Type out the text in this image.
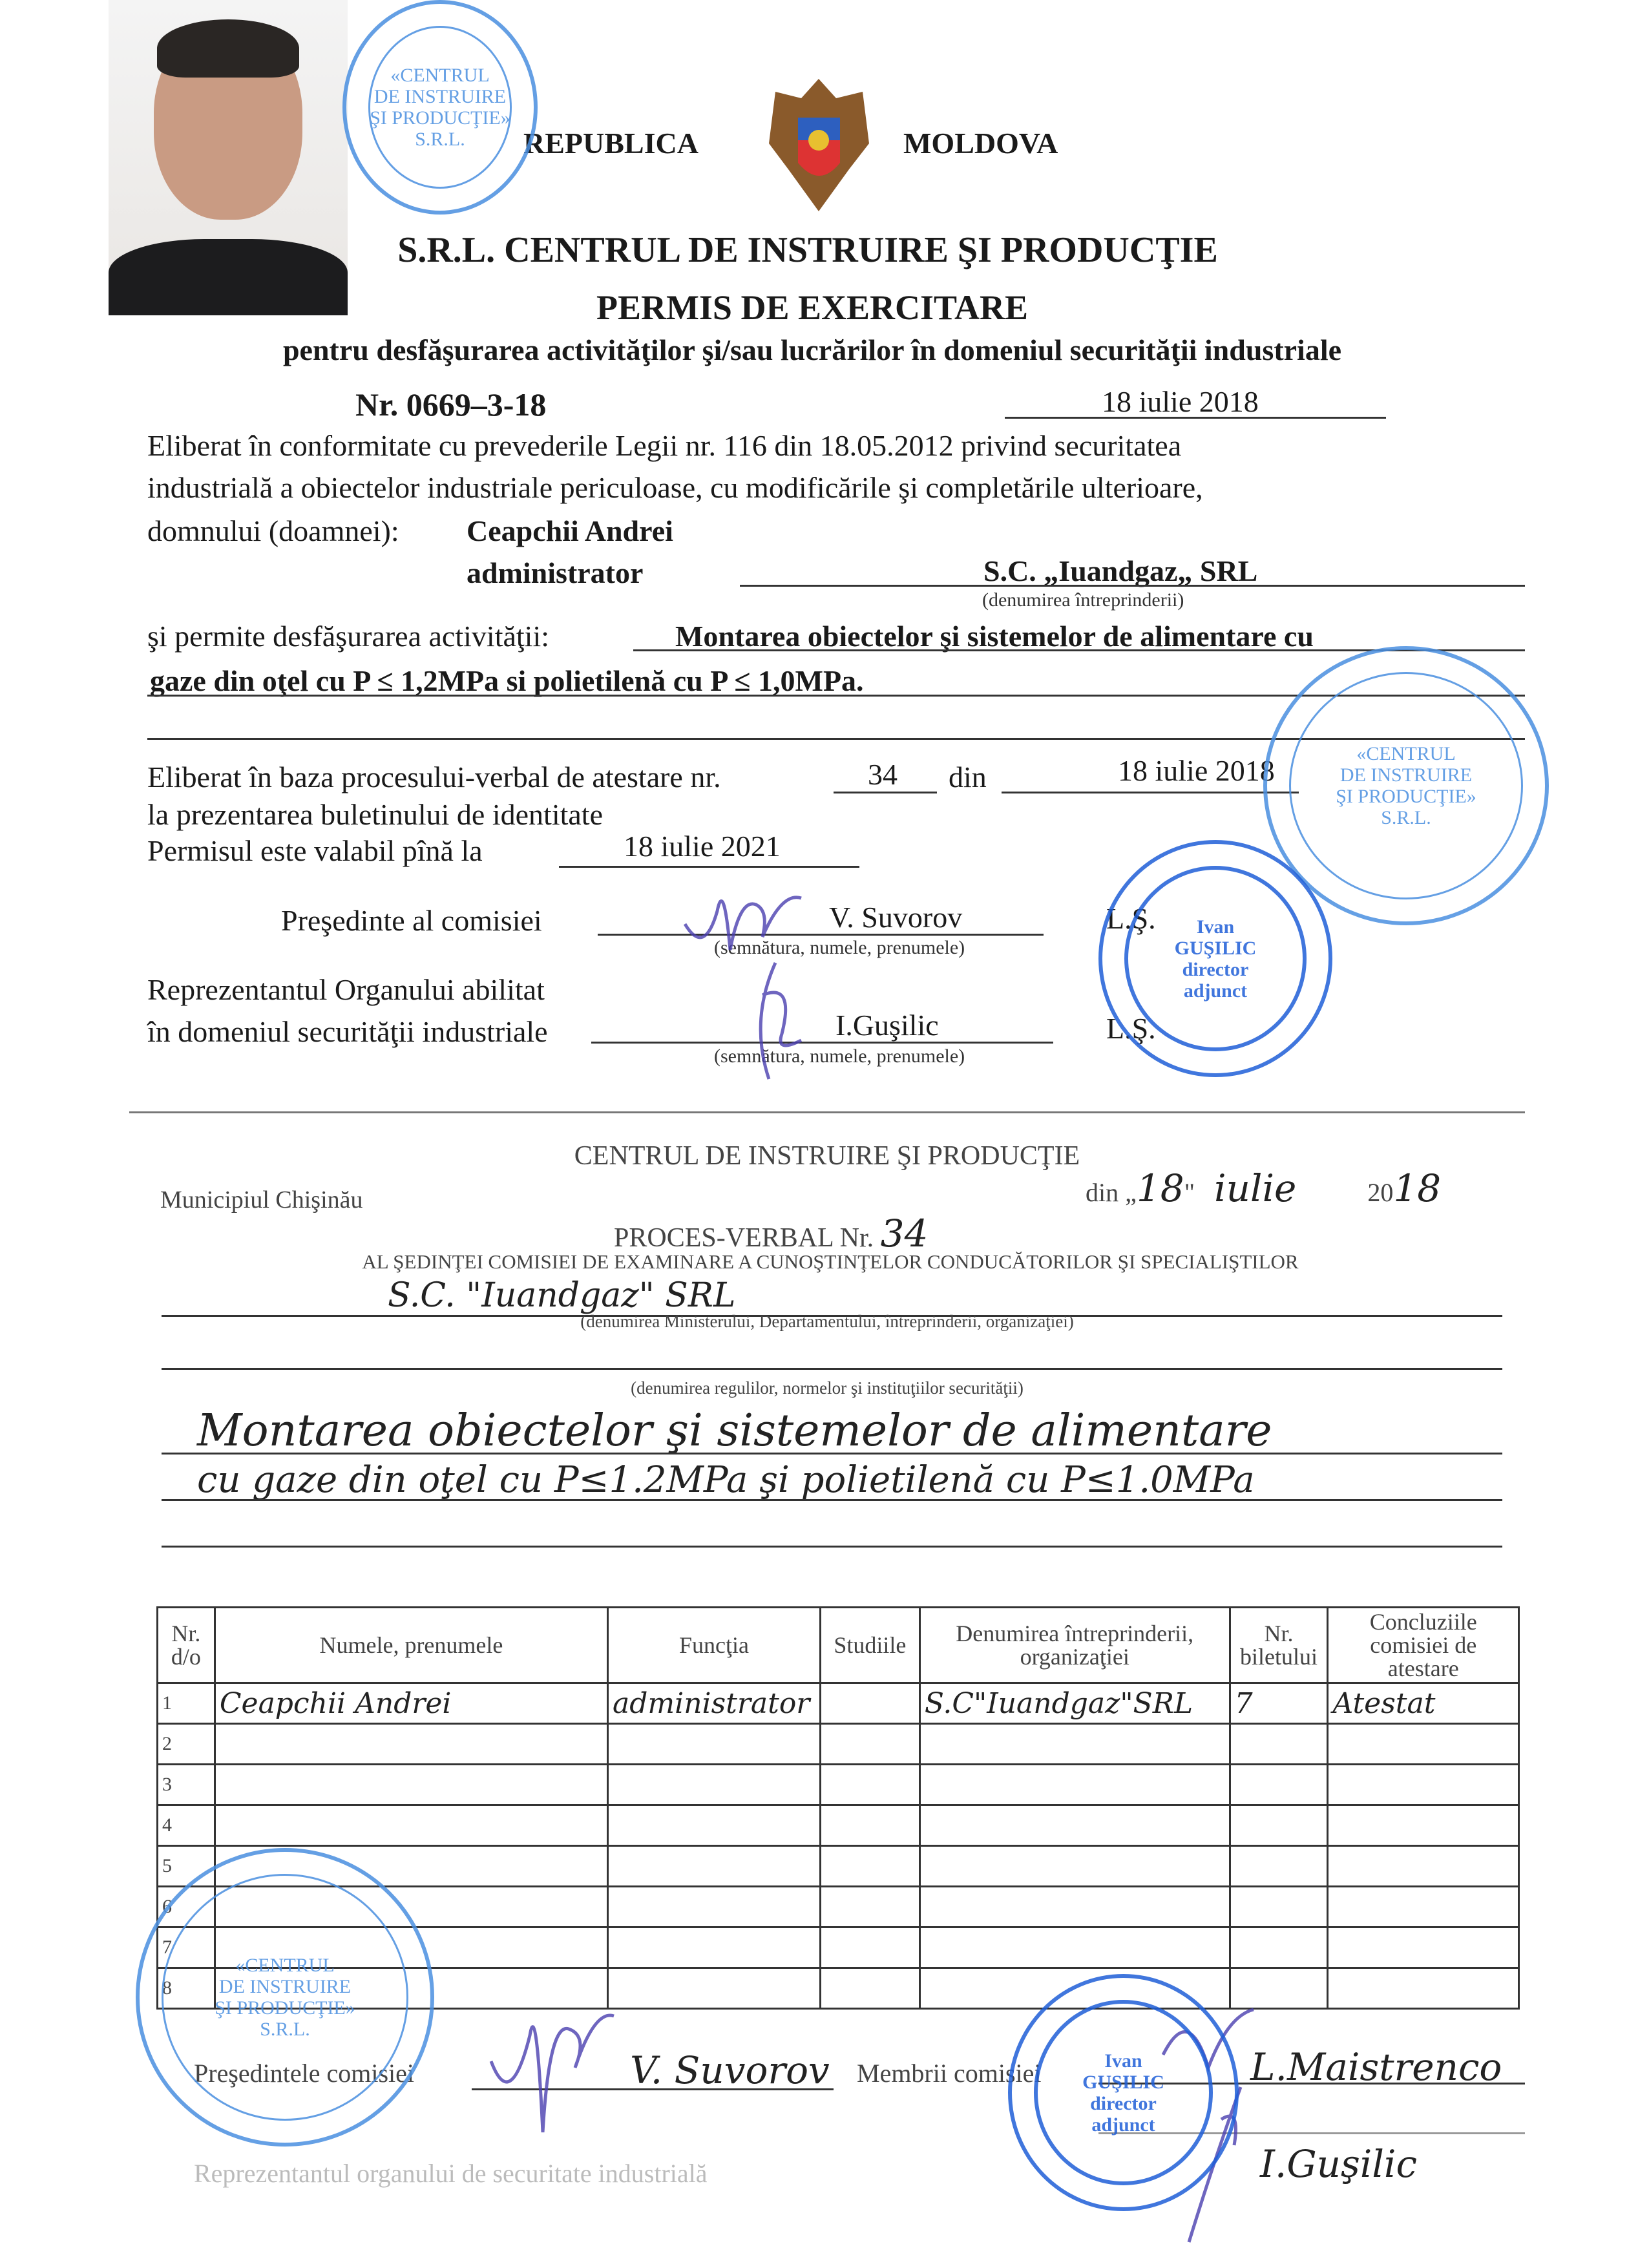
REPUBLICA	MOLDOVA
S.R.L. CENTRUL DE INSTRUIRE ŞI PRODUCŢIE
PERMIS DE EXERCITARE
pentru desfăşurarea activităţilor şi/sau lucrărilor în domeniul securităţii industriale
Nr. 0669–3-18	18 iulie 2018
Eliberat în conformitate cu prevederile Legii nr. 116 din 18.05.2012 privind securitatea
industrială a obiectelor industriale periculoase, cu modificările şi completările ulterioare,
domnului (doamnei): Ceapchii Andrei
administrator	S.C. „Iuandgaz„ SRL
(denumirea întreprinderii)
şi permite desfăşurarea activităţii:	Montarea obiectelor şi sistemelor de alimentare cu
gaze din oţel cu P ≤ 1,2MPa si polietilenă cu P ≤ 1,0MPa.
Eliberat în baza procesului-verbal de atestare nr.	34 din	18 iulie 2018
la prezentarea buletinului de identitate
Permisul este valabil pînă la	18 iulie 2021
Preşedinte al comisiei	V. Suvorov
(semnătura, numele, prenumele)
L.Ş.
Reprezentantul Organului abilitat
în domeniul securităţii industriale	I.Guşilic
(semnătura, numele, prenumele)
L.Ş.
«CENTRUL
DE INSTRUIRE
ŞI PRODUCŢIE»
S.R.L.
«CENTRUL
DE INSTRUIRE
ŞI PRODUCŢIE»
S.R.L.
Ivan
GUŞILIC
director
adjunct
CENTRUL DE INSTRUIRE ŞI PRODUCŢIE
Municipiul Chişinău	din „18" iulie	2018
PROCES-VERBAL Nr. 34
AL ŞEDINŢEI COMISIEI DE EXAMINARE A CUNOŞTINŢELOR CONDUCĂTORILOR ŞI SPECIALIŞTILOR
S.C. "Iuandgaz" SRL
(denumirea Ministerului, Departamentului, întreprinderii, organizaţiei)
(denumirea regulilor, normelor şi instituţiilor securităţii)
Montarea obiectelor şi sistemelor de alimentare
cu gaze din oţel cu P≤1.2MPa şi polietilenă cu P≤1.0MPa
Nr. d/o	Numele, prenumele	Funcţia	Studiile	Denumirea întreprinderii, organizaţiei	Nr. biletului	Concluziile comisiei de atestare
1	Ceapchii Andrei	administrator		S.C"Iuandgaz"SRL	7	Atestat
2						
3						
4						
5						
6						
7						
8						
Preşedintele comisiei	V. Suvorov Membrii comisiei	L.Maistrenco
I.Guşilic
Reprezentantul organului de securitate industrială
«CENTRUL
DE INSTRUIRE
ŞI PRODUCŢIE»
S.R.L.
Ivan
GUŞILIC
director
adjunct
